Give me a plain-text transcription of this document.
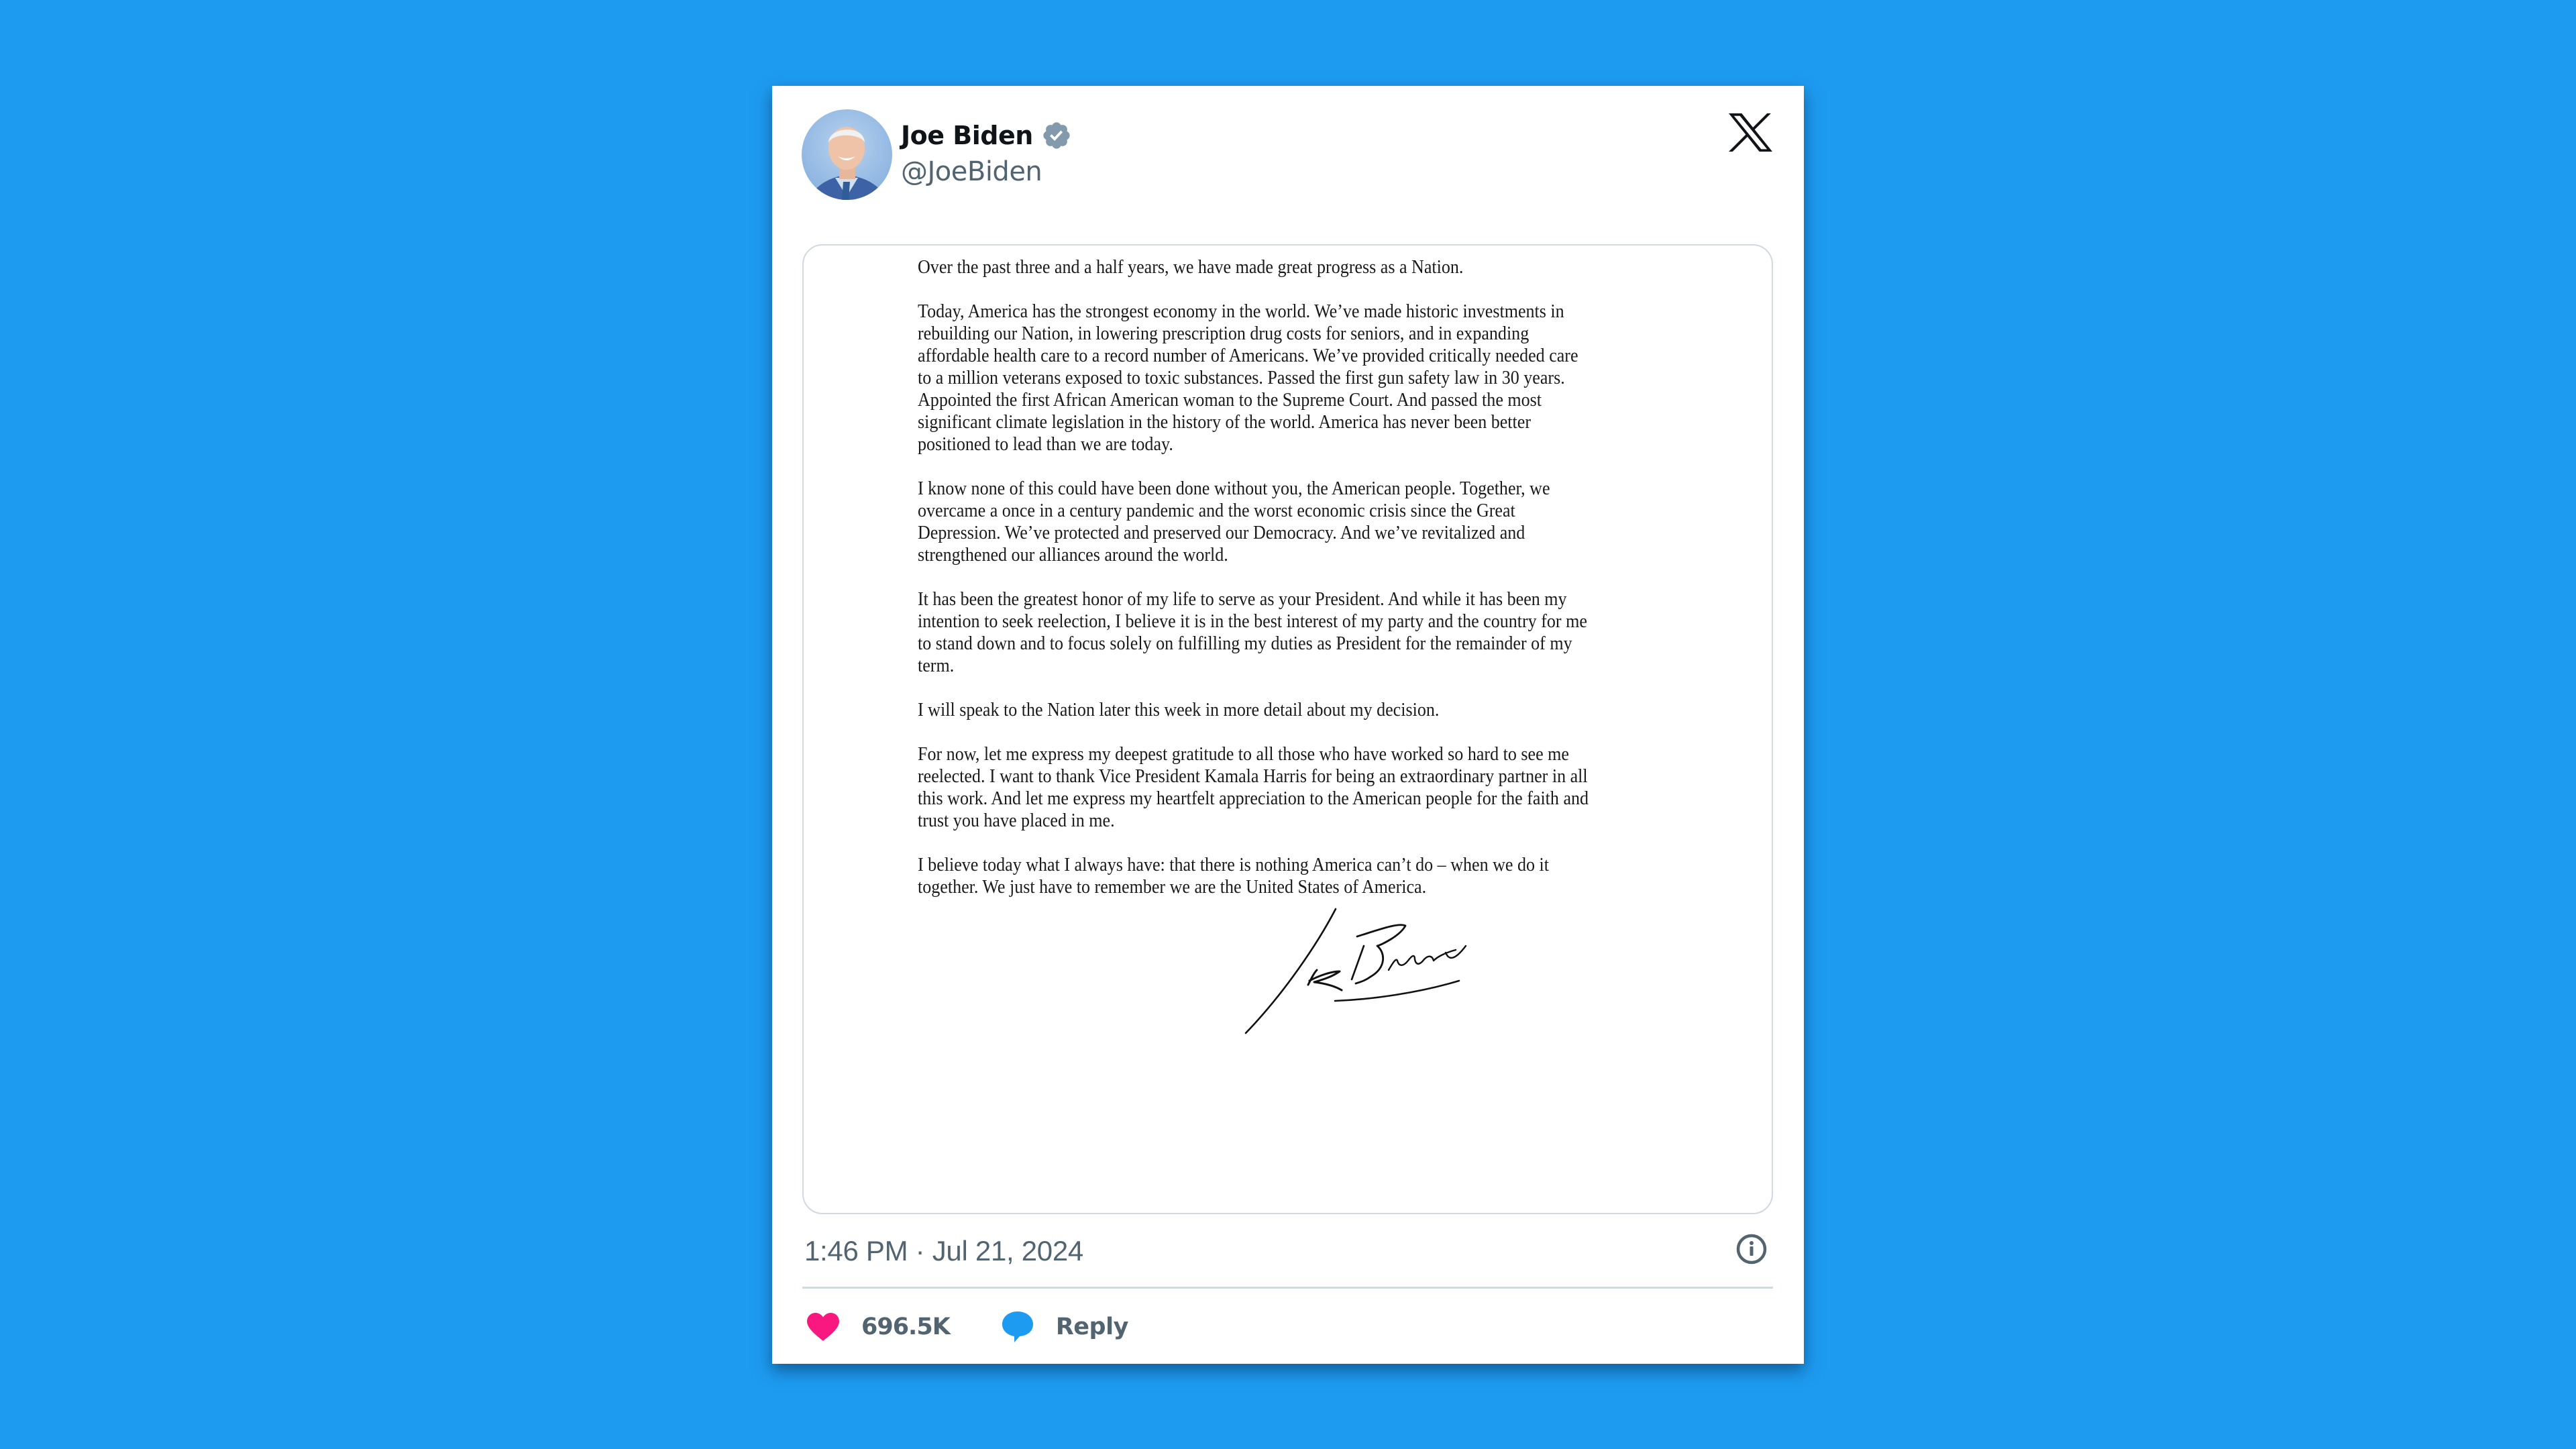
Joe Biden
@JoeBiden
Over the past three and a half years, we have made great progress as a Nation.
Today, America has the strongest economy in the world. We’ve made historic investments in
rebuilding our Nation, in lowering prescription drug costs for seniors, and in expanding
affordable health care to a record number of Americans. We’ve provided critically needed care
to a million veterans exposed to toxic substances. Passed the first gun safety law in 30 years.
Appointed the first African American woman to the Supreme Court. And passed the most
significant climate legislation in the history of the world. America has never been better
positioned to lead than we are today.
I know none of this could have been done without you, the American people. Together, we
overcame a once in a century pandemic and the worst economic crisis since the Great
Depression. We’ve protected and preserved our Democracy. And we’ve revitalized and
strengthened our alliances around the world.
It has been the greatest honor of my life to serve as your President. And while it has been my
intention to seek reelection, I believe it is in the best interest of my party and the country for me
to stand down and to focus solely on fulfilling my duties as President for the remainder of my
term.
I will speak to the Nation later this week in more detail about my decision.
For now, let me express my deepest gratitude to all those who have worked so hard to see me
reelected. I want to thank Vice President Kamala Harris for being an extraordinary partner in all
this work. And let me express my heartfelt appreciation to the American people for the faith and
trust you have placed in me.
I believe today what I always have: that there is nothing America can’t do – when we do it
together. We just have to remember we are the United States of America.
1:46 PM · Jul 21, 2024
696.5K	Reply
